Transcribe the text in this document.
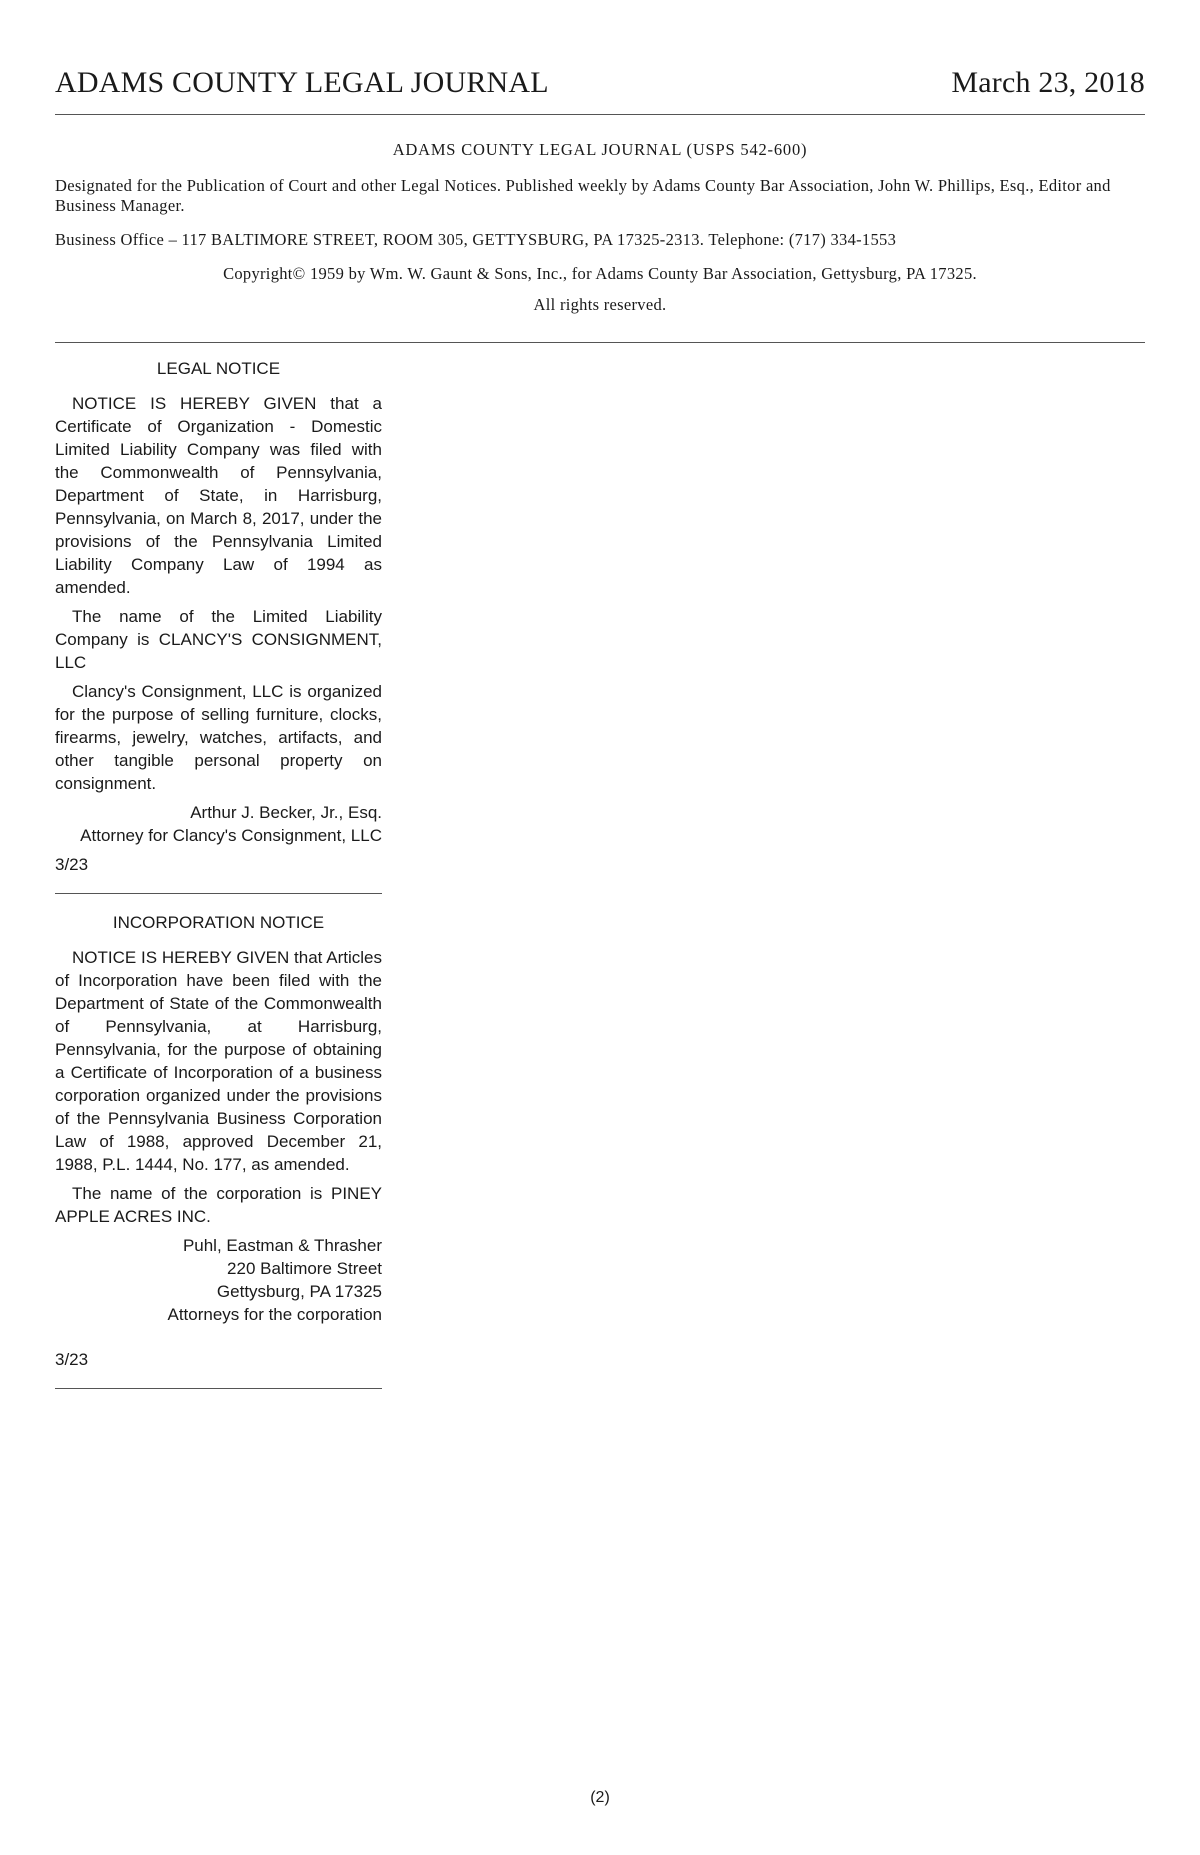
ADAMS COUNTY LEGAL JOURNAL	March 23, 2018

ADAMS COUNTY LEGAL JOURNAL (USPS 542-600)

Designated for the Publication of Court and other Legal Notices. Published weekly by Adams County Bar Association, John W. Phillips, Esq., Editor and Business Manager.

Business Office – 117 BALTIMORE STREET, ROOM 305, GETTYSBURG, PA 17325-2313. Telephone: (717) 334-1553

Copyright© 1959 by Wm. W. Gaunt & Sons, Inc., for Adams County Bar Association, Gettysburg, PA 17325.

All rights reserved.

LEGAL NOTICE

NOTICE IS HEREBY GIVEN that a Certificate of Organization - Domestic Limited Liability Company was filed with the Commonwealth of Pennsylvania, Department of State, in Harrisburg, Pennsylvania, on March 8, 2017, under the provisions of the Pennsylvania Limited Liability Company Law of 1994 as amended.

The name of the Limited Liability Company is CLANCY'S CONSIGNMENT, LLC

Clancy's Consignment, LLC is organized for the purpose of selling furniture, clocks, firearms, jewelry, watches, artifacts, and other tangible personal property on consignment.

Arthur J. Becker, Jr., Esq.

Attorney for Clancy's Consignment, LLC

3/23

INCORPORATION NOTICE

NOTICE IS HEREBY GIVEN that Articles of Incorporation have been filed with the Department of State of the Commonwealth of Pennsylvania, at Harrisburg, Pennsylvania, for the purpose of obtaining a Certificate of Incorporation of a business corporation organized under the provisions of the Pennsylvania Business Corporation Law of 1988, approved December 21, 1988, P.L. 1444, No. 177, as amended.

The name of the corporation is PINEY APPLE ACRES INC.

Puhl, Eastman & Thrasher

220 Baltimore Street

Gettysburg, PA 17325

Attorneys for the corporation

3/23

(2)
